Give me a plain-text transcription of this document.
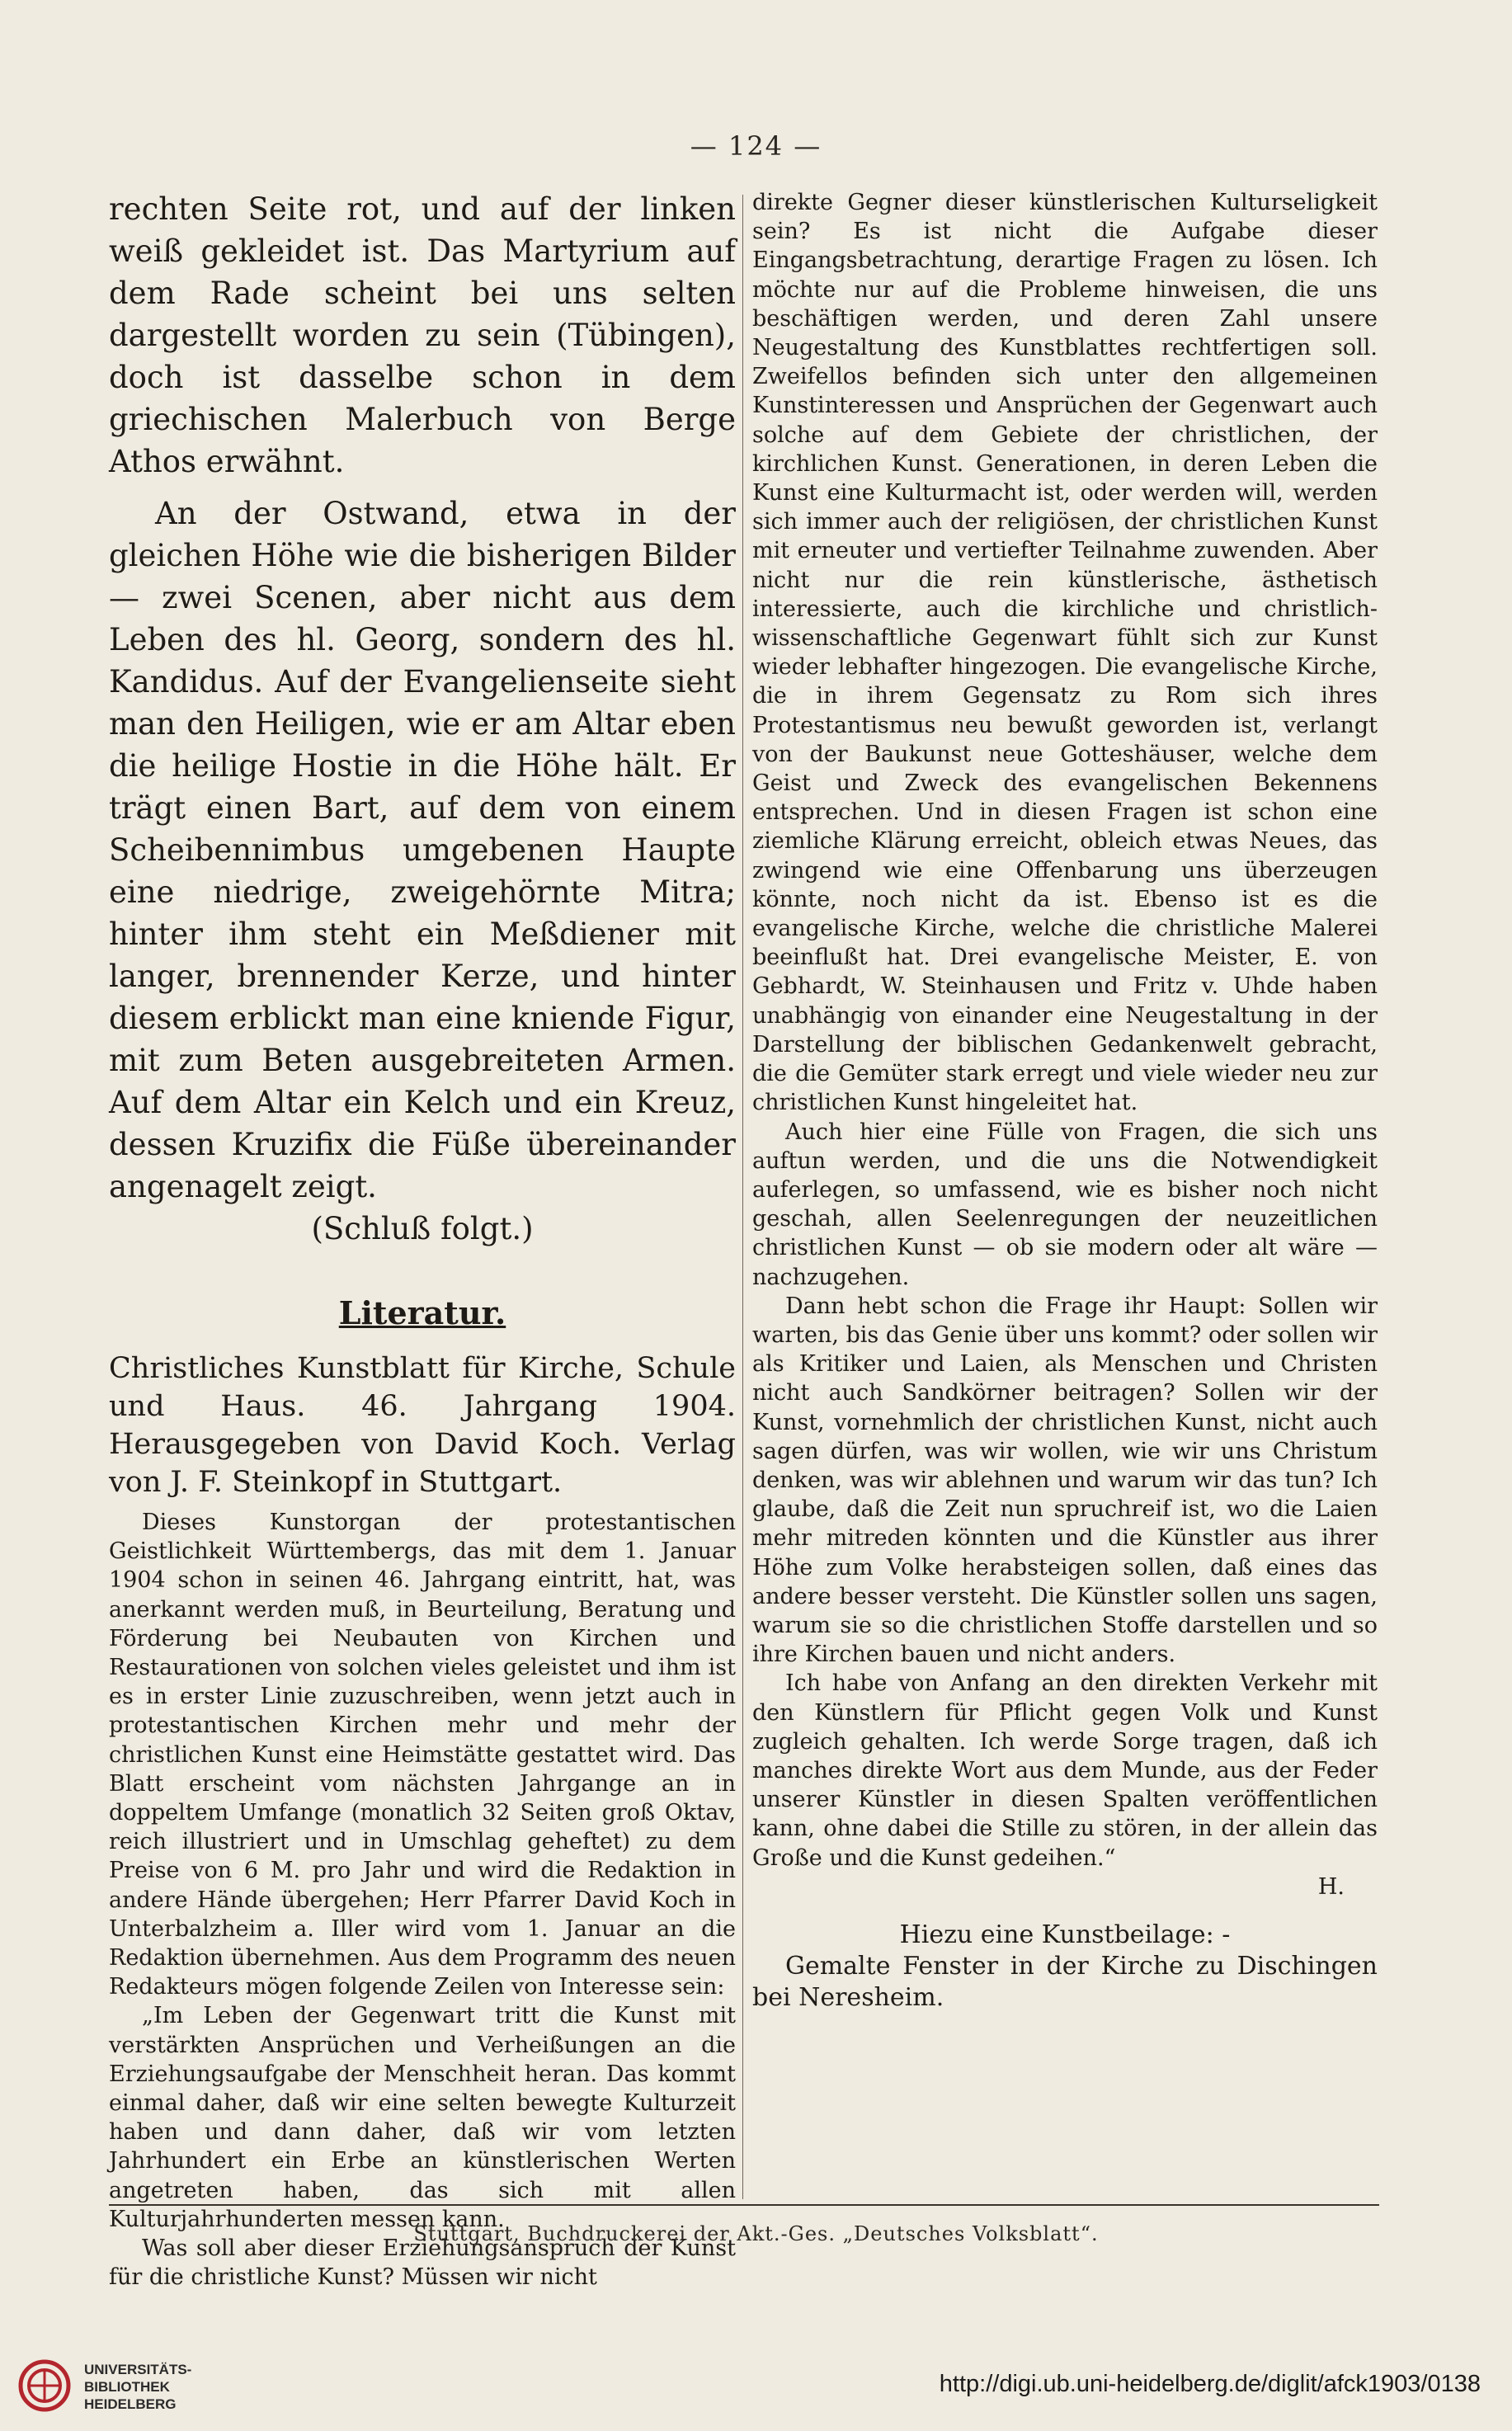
— 124 —

rechten Seite rot, und auf der linken weiß gekleidet ist. Das Martyrium auf dem Rade scheint bei uns selten dargestellt worden zu sein (Tübingen), doch ist dasselbe schon in dem griechischen Malerbuch von Berge Athos erwähnt.

An der Ostwand, etwa in der gleichen Höhe wie die bisherigen Bilder — zwei Scenen, aber nicht aus dem Leben des hl. Georg, sondern des hl. Kandidus. Auf der Evangelienseite sieht man den Heiligen, wie er am Altar eben die heilige Hostie in die Höhe hält. Er trägt einen Bart, auf dem von einem Scheibennimbus umgebenen Haupte eine niedrige, zweigehörnte Mitra; hinter ihm steht ein Meßdiener mit langer, brennender Kerze, und hinter diesem erblickt man eine kniende Figur, mit zum Beten ausgebreiteten Armen. Auf dem Altar ein Kelch und ein Kreuz, dessen Kruzifix die Füße übereinander angenagelt zeigt.

(Schluß folgt.)

Literatur.

Christliches Kunstblatt für Kirche, Schule und Haus. 46. Jahrgang 1904. Herausgegeben von David Koch. Verlag von J. F. Steinkopf in Stuttgart.

Dieses Kunstorgan der protestantischen Geistlichkeit Württembergs, das mit dem 1. Januar 1904 schon in seinen 46. Jahrgang eintritt, hat, was anerkannt werden muß, in Beurteilung, Beratung und Förderung bei Neubauten von Kirchen und Restaurationen von solchen vieles geleistet und ihm ist es in erster Linie zuzuschreiben, wenn jetzt auch in protestantischen Kirchen mehr und mehr der christlichen Kunst eine Heimstätte gestattet wird. Das Blatt erscheint vom nächsten Jahrgange an in doppeltem Umfange (monatlich 32 Seiten groß Oktav, reich illustriert und in Umschlag geheftet) zu dem Preise von 6 M. pro Jahr und wird die Redaktion in andere Hände übergehen; Herr Pfarrer David Koch in Unterbalzheim a. Iller wird vom 1. Januar an die Redaktion übernehmen. Aus dem Programm des neuen Redakteurs mögen folgende Zeilen von Interesse sein:

„Im Leben der Gegenwart tritt die Kunst mit verstärkten Ansprüchen und Verheißungen an die Erziehungsaufgabe der Menschheit heran. Das kommt einmal daher, daß wir eine selten bewegte Kulturzeit haben und dann daher, daß wir vom letzten Jahrhundert ein Erbe an künstlerischen Werten angetreten haben, das sich mit allen Kulturjahrhunderten messen kann.

Was soll aber dieser Erziehungsanspruch der Kunst für die christliche Kunst? Müssen wir nicht

direkte Gegner dieser künstlerischen Kulturseligkeit sein? Es ist nicht die Aufgabe dieser Eingangsbetrachtung, derartige Fragen zu lösen. Ich möchte nur auf die Probleme hinweisen, die uns beschäftigen werden, und deren Zahl unsere Neugestaltung des Kunstblattes rechtfertigen soll. Zweifellos befinden sich unter den allgemeinen Kunstinteressen und Ansprüchen der Gegenwart auch solche auf dem Gebiete der christlichen, der kirchlichen Kunst. Generationen, in deren Leben die Kunst eine Kulturmacht ist, oder werden will, werden sich immer auch der religiösen, der christlichen Kunst mit erneuter und vertiefter Teilnahme zuwenden. Aber nicht nur die rein künstlerische, ästhetisch interessierte, auch die kirchliche und christlich-wissenschaftliche Gegenwart fühlt sich zur Kunst wieder lebhafter hingezogen. Die evangelische Kirche, die in ihrem Gegensatz zu Rom sich ihres Protestantismus neu bewußt geworden ist, verlangt von der Baukunst neue Gotteshäuser, welche dem Geist und Zweck des evangelischen Bekennens entsprechen. Und in diesen Fragen ist schon eine ziemliche Klärung erreicht, obleich etwas Neues, das zwingend wie eine Offenbarung uns überzeugen könnte, noch nicht da ist. Ebenso ist es die evangelische Kirche, welche die christliche Malerei beeinflußt hat. Drei evangelische Meister, E. von Gebhardt, W. Steinhausen und Fritz v. Uhde haben unabhängig von einander eine Neugestaltung in der Darstellung der biblischen Gedankenwelt gebracht, die die Gemüter stark erregt und viele wieder neu zur christlichen Kunst hingeleitet hat.

Auch hier eine Fülle von Fragen, die sich uns auftun werden, und die uns die Notwendigkeit auferlegen, so umfassend, wie es bisher noch nicht geschah, allen Seelenregungen der neuzeitlichen christlichen Kunst — ob sie modern oder alt wäre — nachzugehen.

Dann hebt schon die Frage ihr Haupt: Sollen wir warten, bis das Genie über uns kommt? oder sollen wir als Kritiker und Laien, als Menschen und Christen nicht auch Sandkörner beitragen? Sollen wir der Kunst, vornehmlich der christlichen Kunst, nicht auch sagen dürfen, was wir wollen, wie wir uns Christum denken, was wir ablehnen und warum wir das tun? Ich glaube, daß die Zeit nun spruchreif ist, wo die Laien mehr mitreden könnten und die Künstler aus ihrer Höhe zum Volke herabsteigen sollen, daß eines das andere besser versteht. Die Künstler sollen uns sagen, warum sie so die christlichen Stoffe darstellen und so ihre Kirchen bauen und nicht anders.

Ich habe von Anfang an den direkten Verkehr mit den Künstlern für Pflicht gegen Volk und Kunst zugleich gehalten. Ich werde Sorge tragen, daß ich manches direkte Wort aus dem Munde, aus der Feder unserer Künstler in diesen Spalten veröffentlichen kann, ohne dabei die Stille zu stören, in der allein das Große und die Kunst gedeihen.“

H.

Hiezu eine Kunstbeilage: -

Gemalte Fenster in der Kirche zu Dischingen bei Neresheim.

Stuttgart, Buchdruckerei der Akt.-Ges. „Deutsches Volksblatt“.
UNIVERSITÄTS-
BIBLIOTHEK
HEIDELBERG
http://digi.ub.uni-heidelberg.de/diglit/afck1903/0138
